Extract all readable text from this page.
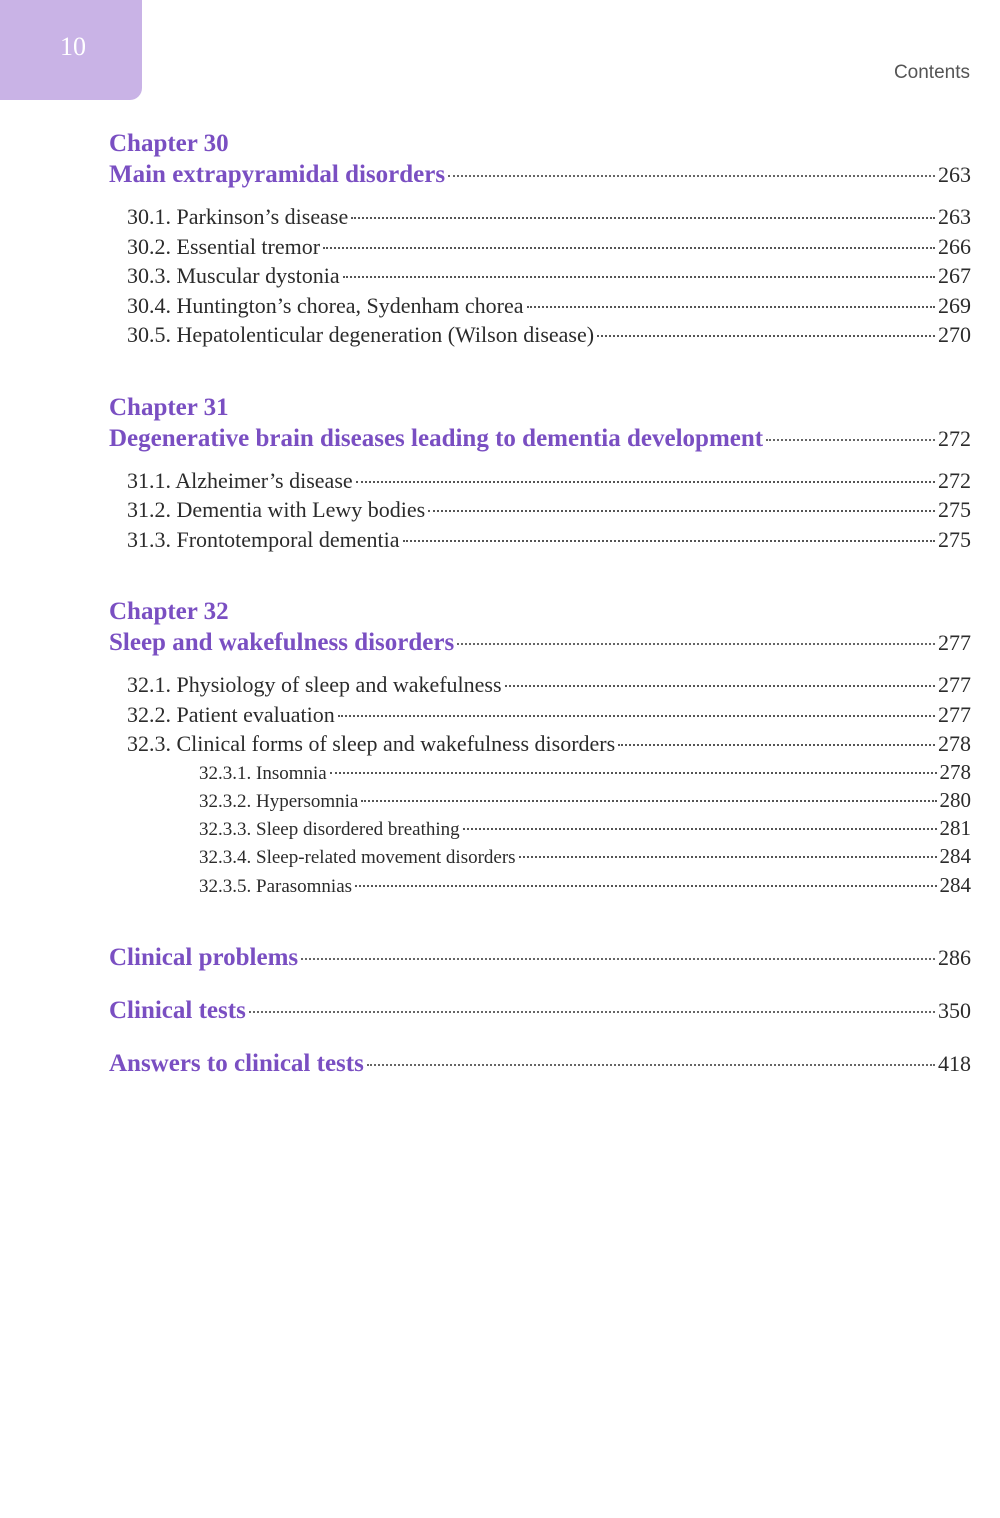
10
Contents
Chapter 30
Main extrapyramidal disorders	263
30.1. Parkinson’s disease	263
30.2. Essential tremor	266
30.3. Muscular dystonia	267
30.4. Huntington’s chorea, Sydenham chorea	269
30.5. Hepatolenticular degeneration (Wilson disease)	270
Chapter 31
Degenerative brain diseases leading to dementia development	272
31.1. Alzheimer’s disease	272
31.2. Dementia with Lewy bodies	275
31.3. Frontotemporal dementia	275
Chapter 32
Sleep and wakefulness disorders	277
32.1. Physiology of sleep and wakefulness	277
32.2. Patient evaluation	277
32.3. Clinical forms of sleep and wakefulness disorders	278
32.3.1. Insomnia	278
32.3.2. Hypersomnia	280
32.3.3. Sleep disordered breathing	281
32.3.4. Sleep-related movement disorders	284
32.3.5. Parasomnias	284
Clinical problems	286
Clinical tests	350
Answers to clinical tests	418
